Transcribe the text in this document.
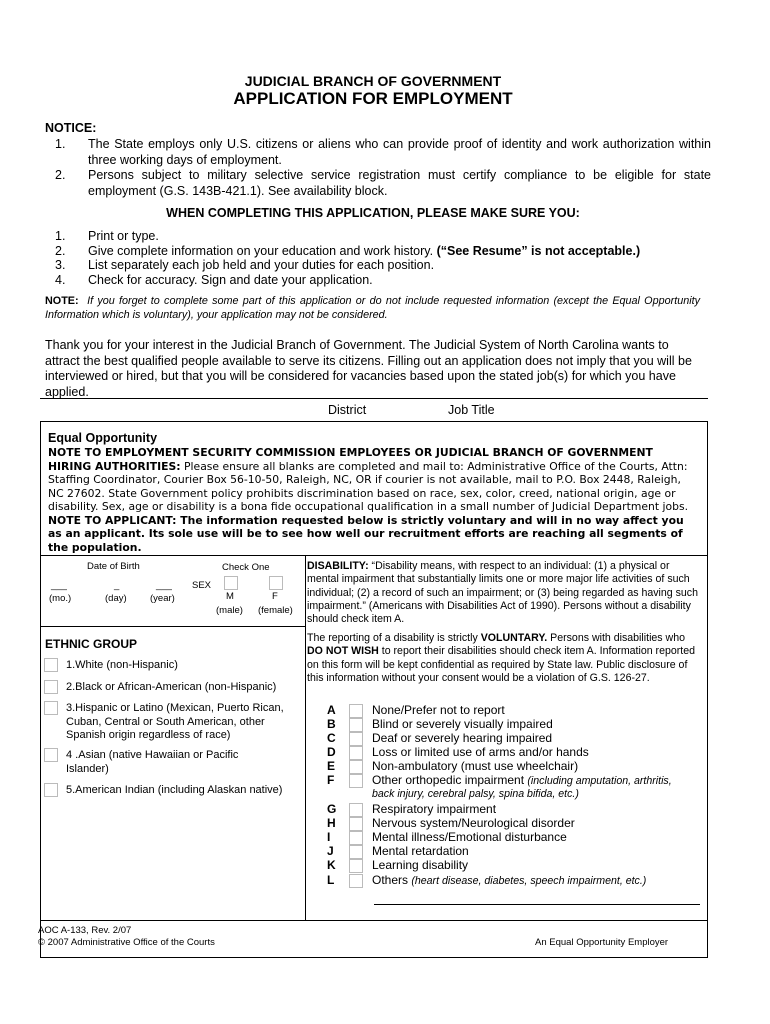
JUDICIAL BRANCH OF GOVERNMENT
APPLICATION FOR EMPLOYMENT
NOTICE:
1. The State employs only U.S. citizens or aliens who can provide proof of identity and work authorization within three working days of employment.
2. Persons subject to military selective service registration must certify compliance to be eligible for state employment (G.S. 143B-421.1). See availability block.
WHEN COMPLETING THIS APPLICATION, PLEASE MAKE SURE YOU:
1. Print or type.
2. Give complete information on your education and work history. (“See Resume” is not acceptable.)
3. List separately each job held and your duties for each position.
4. Check for accuracy. Sign and date your application.
NOTE: If you forget to complete some part of this application or do not include requested information (except the Equal Opportunity Information which is voluntary), your application may not be considered.
Thank you for your interest in the Judicial Branch of Government. The Judicial System of North Carolina wants to attract the best qualified people available to serve its citizens. Filling out an application does not imply that you will be interviewed or hired, but that you will be considered for vacancies based upon the stated job(s) for which you have applied.
District	Job Title
Equal Opportunity
NOTE TO EMPLOYMENT SECURITY COMMISSION EMPLOYEES OR JUDICIAL BRANCH OF GOVERNMENT HIRING AUTHORITIES: Please ensure all blanks are completed and mail to: Administrative Office of the Courts, Attn: Staffing Coordinator, Courier Box 56-10-50, Raleigh, NC, OR if courier is not available, mail to P.O. Box 2448, Raleigh, NC 27602. State Government policy prohibits discrimination based on race, sex, color, creed, national origin, age or disability. Sex, age or disability is a bona fide occupational qualification in a small number of Judicial Department jobs. NOTE TO APPLICANT: The information requested below is strictly voluntary and will in no way affect you as an applicant. Its sole use will be to see how well our recruitment efforts are reaching all segments of the population.
Date of Birth
___	_	___
(mo.)	(day) (year)
Check One
SEX
M	F
(male) (female)
ETHNIC GROUP
1.White (non-Hispanic)
2.Black or African-American (non-Hispanic)
3.Hispanic or Latino (Mexican, Puerto Rican, Cuban, Central or South American, other Spanish origin regardless of race)
4 .Asian (native Hawaiian or Pacific Islander)
5.American Indian (including Alaskan native)
DISABILITY: “Disability means, with respect to an individual: (1) a physical or mental impairment that substantially limits one or more major life activities of such individual; (2) a record of such an impairment; or (3) being regarded as having such impairment.” (Americans with Disabilities Act of 1990). Persons without a disability should check item A.
The reporting of a disability is strictly VOLUNTARY. Persons with disabilities who DO NOT WISH to report their disabilities should check item A. Information reported on this form will be kept confidential as required by State law. Public disclosure of this information without your consent would be a violation of G.S. 126-27.
A	None/Prefer not to report
B	Blind or severely visually impaired
C	Deaf or severely hearing impaired
D	Loss or limited use of arms and/or hands
E	Non-ambulatory (must use wheelchair)
F	Other orthopedic impairment (including amputation, arthritis,
back injury, cerebral palsy, spina bifida, etc.)
G	Respiratory impairment
H	Nervous system/Neurological disorder
I	Mental illness/Emotional disturbance
J	Mental retardation
K	Learning disability
L	Others (heart disease, diabetes, speech impairment, etc.)
AOC A-133, Rev. 2/07
© 2007 Administrative Office of the Courts	An Equal Opportunity Employer
